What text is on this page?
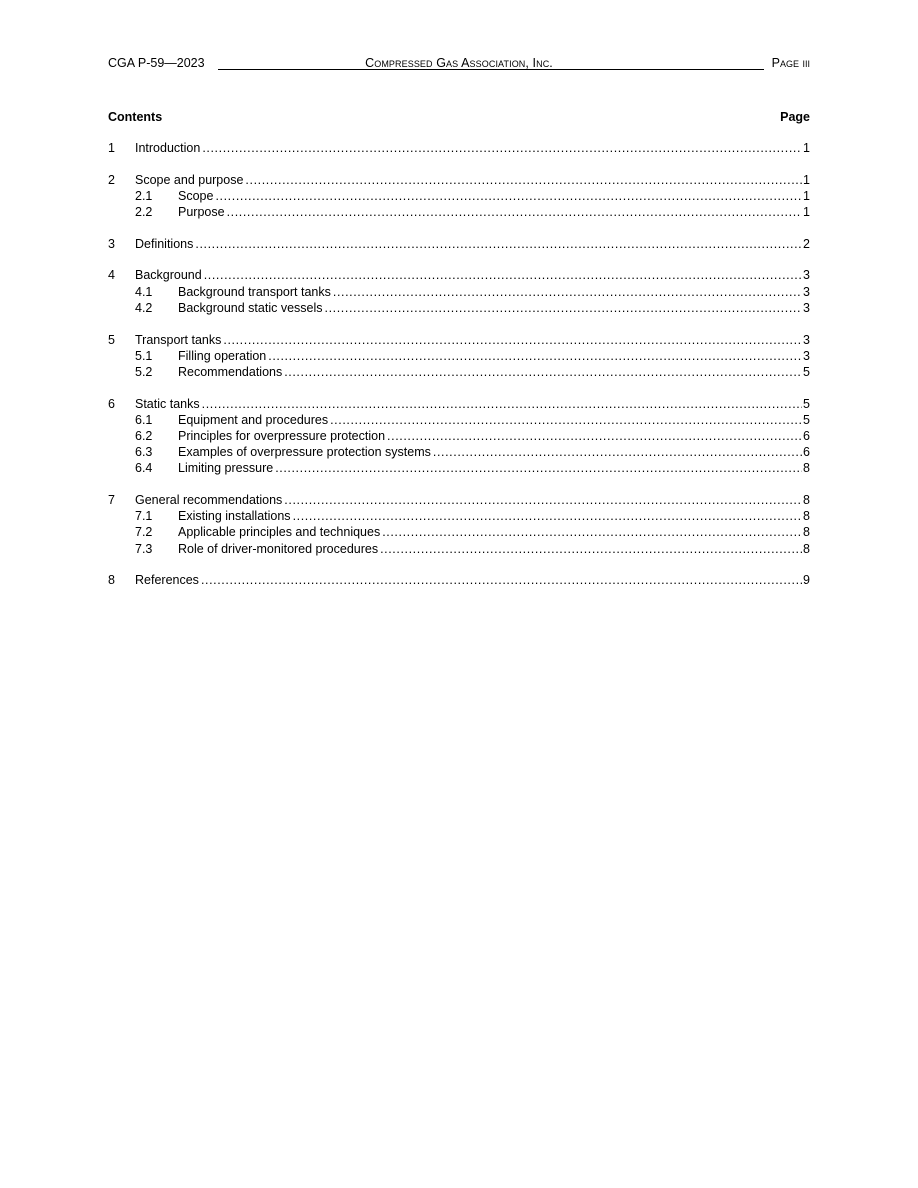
CGA P-59—2023	Compressed Gas Association, Inc.	Page iii
Contents	Page
1	Introduction .....	1
2	Scope and purpose .....	1
2.1	Scope .....	1
2.2	Purpose .....	1
3	Definitions .....	2
4	Background .....	3
4.1	Background transport tanks .....	3
4.2	Background static vessels .....	3
5	Transport tanks .....	3
5.1	Filling operation .....	3
5.2	Recommendations .....	5
6	Static tanks .....	5
6.1	Equipment and procedures .....	5
6.2	Principles for overpressure protection .....	6
6.3	Examples of overpressure protection systems .....	6
6.4	Limiting pressure .....	8
7	General recommendations .....	8
7.1	Existing installations .....	8
7.2	Applicable principles and techniques .....	8
7.3	Role of driver-monitored procedures .....	8
8	References .....	9
